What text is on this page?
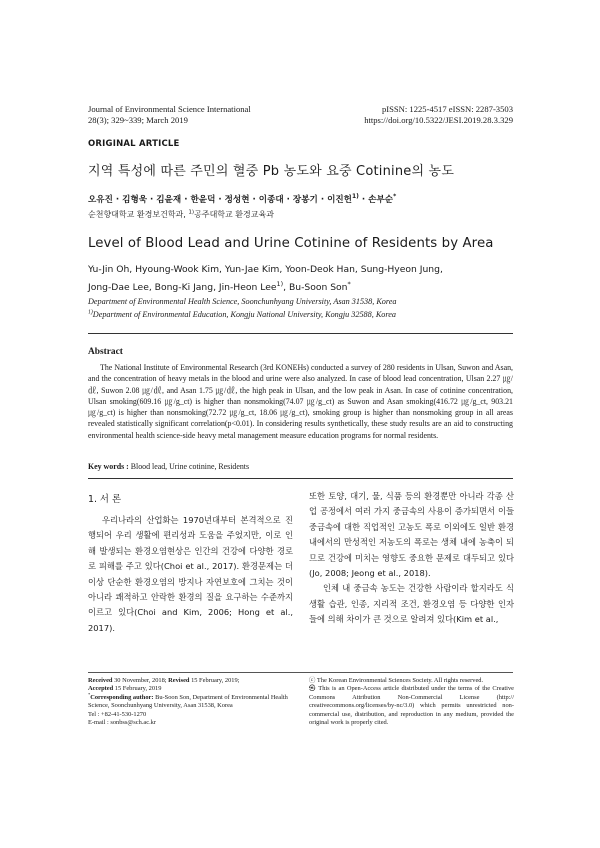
Journal of Environmental Science International
28(3); 329~339; March 2019
pISSN: 1225-4517 eISSN: 2287-3503
https://doi.org/10.5322/JESI.2019.28.3.329
ORIGINAL ARTICLE
지역 특성에 따른 주민의 혈중 Pb 농도와 요중 Cotinine의 농도
오유진 · 김형욱 · 김윤재 · 한윤덕 · 정성현 · 이종대 · 장봉기 · 이진헌$^{1)}$ · 손부순*
순천향대학교 환경보건학과, $^{1)}$공주대학교 환경교육과
Level of Blood Lead and Urine Cotinine of Residents by Area
Yu-Jin Oh, Hyoung-Wook Kim, Yun-Jae Kim, Yoon-Deok Han, Sung-Hyeon Jung,
Jong-Dae Lee, Bong-Ki Jang, Jin-Heon Lee$^{1)}$, Bu-Soon Son*
Department of Environmental Health Science, Soonchunhyang University, Asan 31538, Korea
$^{1)}$Department of Environmental Education, Kongju National University, Kongju 32588, Korea
Abstract
The National Institute of Environmental Research (3rd KONEHs) conducted a survey of 280 residents in Ulsan, Suwon and Asan, and the concentration of heavy metals in the blood and urine were also analyzed. In case of blood lead concentration, Ulsan 2.27 ㎍/㎗, Suwon 2.08 ㎍/㎗, and Asan 1.75 ㎍/㎗, the high peak in Ulsan, and the low peak in Asan. In case of cotinine concentration, Ulsan smoking(609.16 ㎍/g_ct) is higher than nonsmoking(74.07 ㎍/g_ct) as Suwon and Asan smoking(416.72 ㎍/g_ct, 903.21 ㎍/g_ct) is higher than nonsmoking(72.72 ㎍/g_ct, 18.06 ㎍/g_ct), smoking group is higher than nonsmoking group in all areas revealed statistically significant correlation(p<0.01). In considering results synthetically, these study results are an aid to constructing environmental health science-side heavy metal management measure education programs for normal residents.
Key words : Blood lead, Urine cotinine, Residents
1. 서 론

우리나라의 산업화는 1970년대부터 본격적으로 진행되어 우리 생활에 편리성과 도움을 주었지만, 이로 인해 발생되는 환경오염현상은 인간의 건강에 다양한 경로로 피해를 주고 있다(Choi et al., 2017). 환경문제는 더 이상 단순한 환경오염의 방지나 자연보호에 그치는 것이 아니라 쾌적하고 안락한 환경의 질을 요구하는 수준까지 이르고 있다(Choi and Kim, 2006; Hong et al., 2017).

또한 토양, 대기, 물, 식품 등의 환경뿐만 아니라 각종 산업 공정에서 여러 가지 중금속의 사용이 증가되면서 이들 중금속에 대한 직업적인 고농도 폭로 이외에도 일반 환경 내에서의 만성적인 저농도의 폭로는 생체 내에 농축이 되므로 건강에 미치는 영향도 중요한 문제로 대두되고 있다(Jo, 2008; Jeong et al., 2018).

인체 내 중금속 농도는 건강한 사람이라 할지라도 식생활 습관, 인종, 지리적 조건, 환경오염 등 다양한 인자들에 의해 차이가 큰 것으로 알려져 있다(Kim et al.,

Received 30 November, 2018; Revised 15 February, 2019;
Accepted 15 February, 2019
*Corresponding author: Bu-Soon Son, Department of Environmental Health Science, Soonchunhyang University, Asan 31538, Korea
Tel : +82-41-530-1270
E-mail : sonbss@sch.ac.kr
ⓒ The Korean Environmental Sciences Society. All rights reserved.
㉿ This is an Open-Access article distributed under the terms of the Creative Commons Attribution Non-Commercial License (http:// creativecommons.org/licenses/by-nc/3.0) which permits unrestricted non-commercial use, distribution, and reproduction in any medium, provided the original work is properly cited.
